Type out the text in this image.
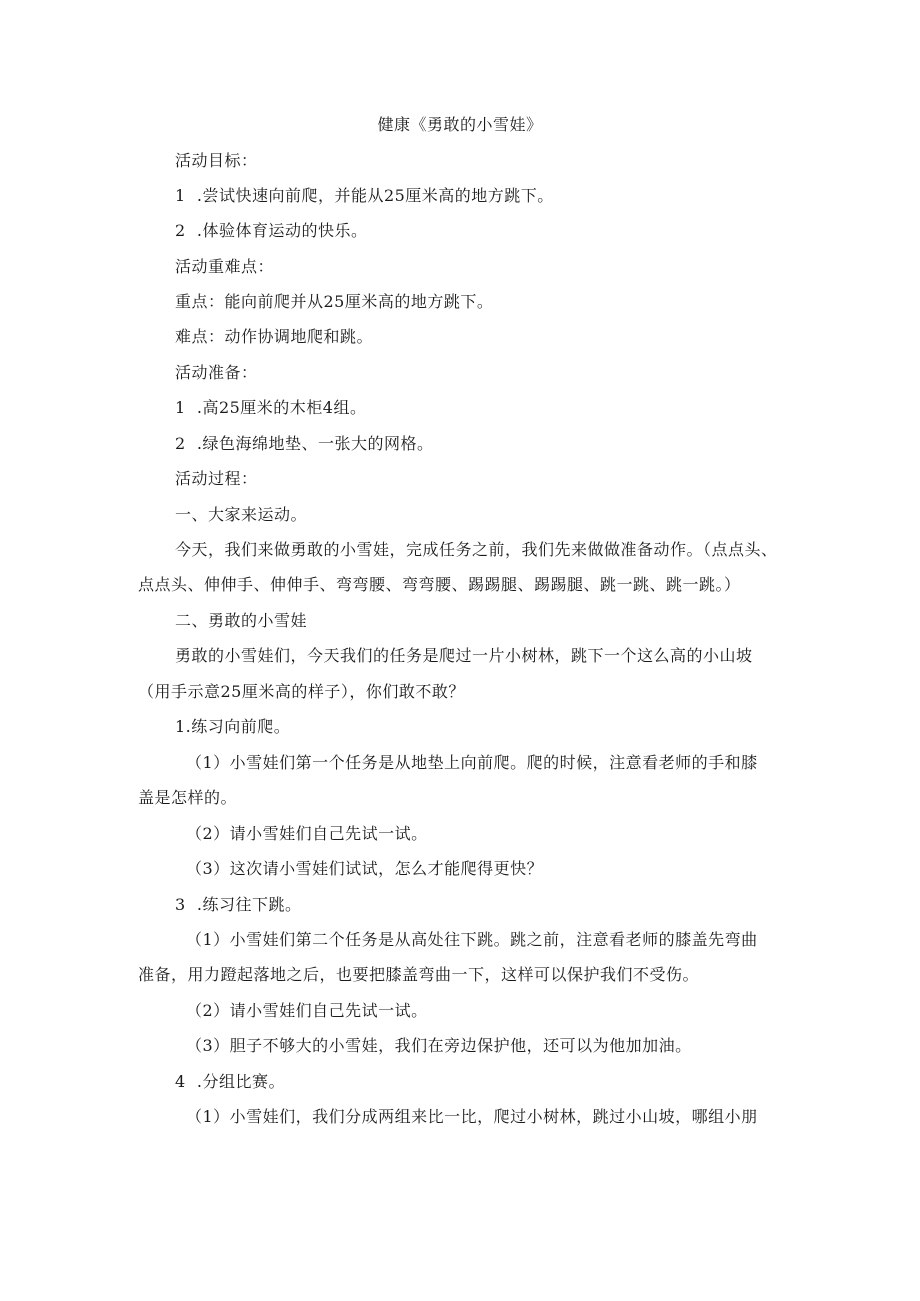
健康《勇敢的小雪娃》
活动目标：
1  .尝试快速向前爬，并能从25厘米高的地方跳下。
2  .体验体育运动的快乐。
活动重难点：
重点：能向前爬并从25厘米高的地方跳下。
难点：动作协调地爬和跳。
活动准备：
1  .高25厘米的木柜4组。
2  .绿色海绵地垫、一张大的网格。
活动过程：
一、大家来运动。
今天，我们来做勇敢的小雪娃，完成任务之前，我们先来做做准备动作。（点点头、
点点头、伸伸手、伸伸手、弯弯腰、弯弯腰、踢踢腿、踢踢腿、跳一跳、跳一跳。）
二、勇敢的小雪娃
勇敢的小雪娃们，今天我们的任务是爬过一片小树林，跳下一个这么高的小山坡
（用手示意25厘米高的样子），你们敢不敢？
1.练习向前爬。
（1）小雪娃们第一个任务是从地垫上向前爬。爬的时候，注意看老师的手和膝
盖是怎样的。
（2）请小雪娃们自己先试一试。
（3）这次请小雪娃们试试，怎么才能爬得更快？
3  .练习往下跳。
（1）小雪娃们第二个任务是从高处往下跳。跳之前，注意看老师的膝盖先弯曲
准备，用力蹬起落地之后，也要把膝盖弯曲一下，这样可以保护我们不受伤。
（2）请小雪娃们自己先试一试。
（3）胆子不够大的小雪娃，我们在旁边保护他，还可以为他加加油。
4  .分组比赛。
（1）小雪娃们，我们分成两组来比一比，爬过小树林，跳过小山坡，哪组小朋
